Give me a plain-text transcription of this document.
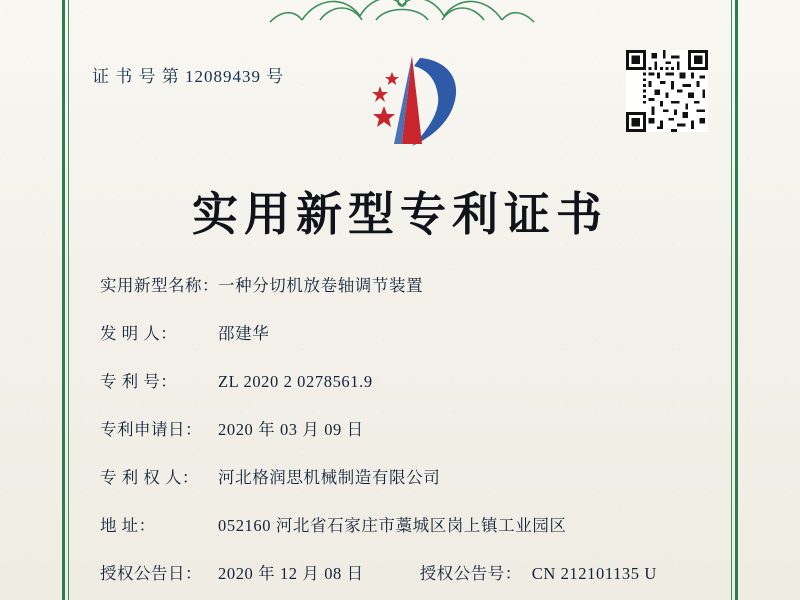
证 书 号 第 12089439 号
实用新型专利证书
实用新型名称： 一种分切机放卷轴调节装置
发 明 人：	邵建华
专 利 号：	ZL 2020 2 0278561.9
专利申请日： 2020 年 03 月 09 日
专 利 权 人：	河北格润思机械制造有限公司
地 址：	052160 河北省石家庄市藁城区岗上镇工业园区
授权公告日： 2020 年 12 月 08 日	授权公告号： CN 212101135 U
